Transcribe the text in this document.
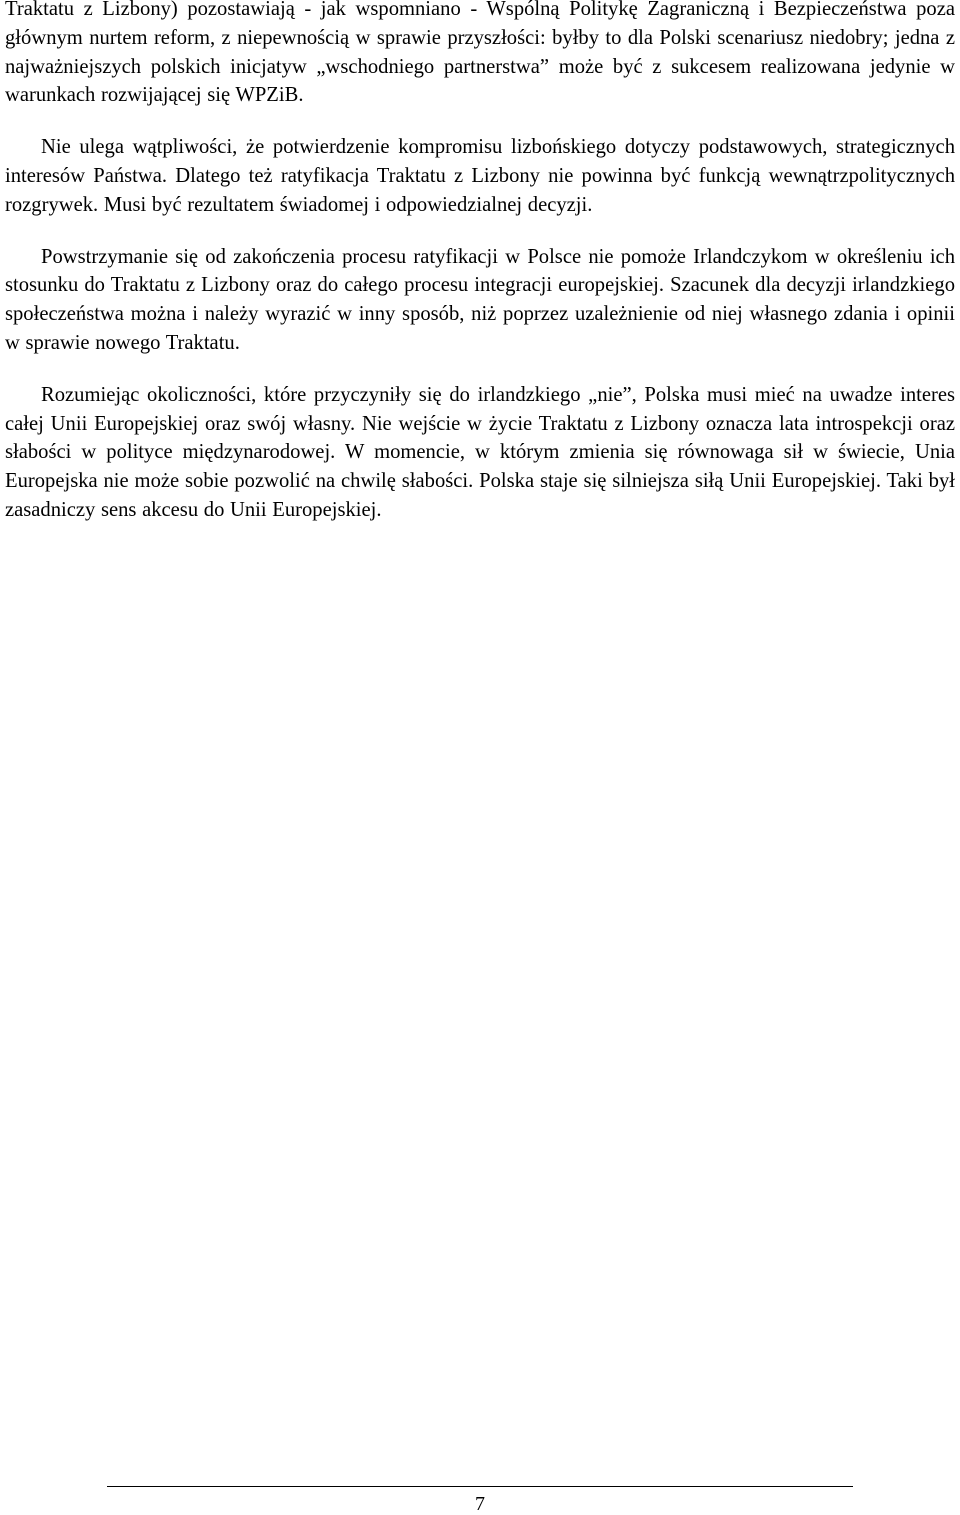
Traktatu z Lizbony) pozostawiają - jak wspomniano - Wspólną Politykę Zagraniczną i Bezpieczeństwa poza głównym nurtem reform, z niepewnością w sprawie przyszłości: byłby to dla Polski scenariusz niedobry; jedna z najważniejszych polskich inicjatyw „wschodniego partnerstwa” może być z sukcesem realizowana jedynie w warunkach rozwijającej się WPZiB.

Nie ulega wątpliwości, że potwierdzenie kompromisu lizbońskiego dotyczy podstawowych, strategicznych interesów Państwa. Dlatego też ratyfikacja Traktatu z Lizbony nie powinna być funkcją wewnątrzpolitycznych rozgrywek. Musi być rezultatem świadomej i odpowiedzialnej decyzji.

Powstrzymanie się od zakończenia procesu ratyfikacji w Polsce nie pomoże Irlandczykom w określeniu ich stosunku do Traktatu z Lizbony oraz do całego procesu integracji europejskiej. Szacunek dla decyzji irlandzkiego społeczeństwa można i należy wyrazić w inny sposób, niż poprzez uzależnienie od niej własnego zdania i opinii w sprawie nowego Traktatu.

Rozumiejąc okoliczności, które przyczyniły się do irlandzkiego „nie”, Polska musi mieć na uwadze interes całej Unii Europejskiej oraz swój własny. Nie wejście w życie Traktatu z Lizbony oznacza lata introspekcji oraz słabości w polityce międzynarodowej. W momencie, w którym zmienia się równowaga sił w świecie, Unia Europejska nie może sobie pozwolić na chwilę słabości. Polska staje się silniejsza siłą Unii Europejskiej. Taki był zasadniczy sens akcesu do Unii Europejskiej.

7
